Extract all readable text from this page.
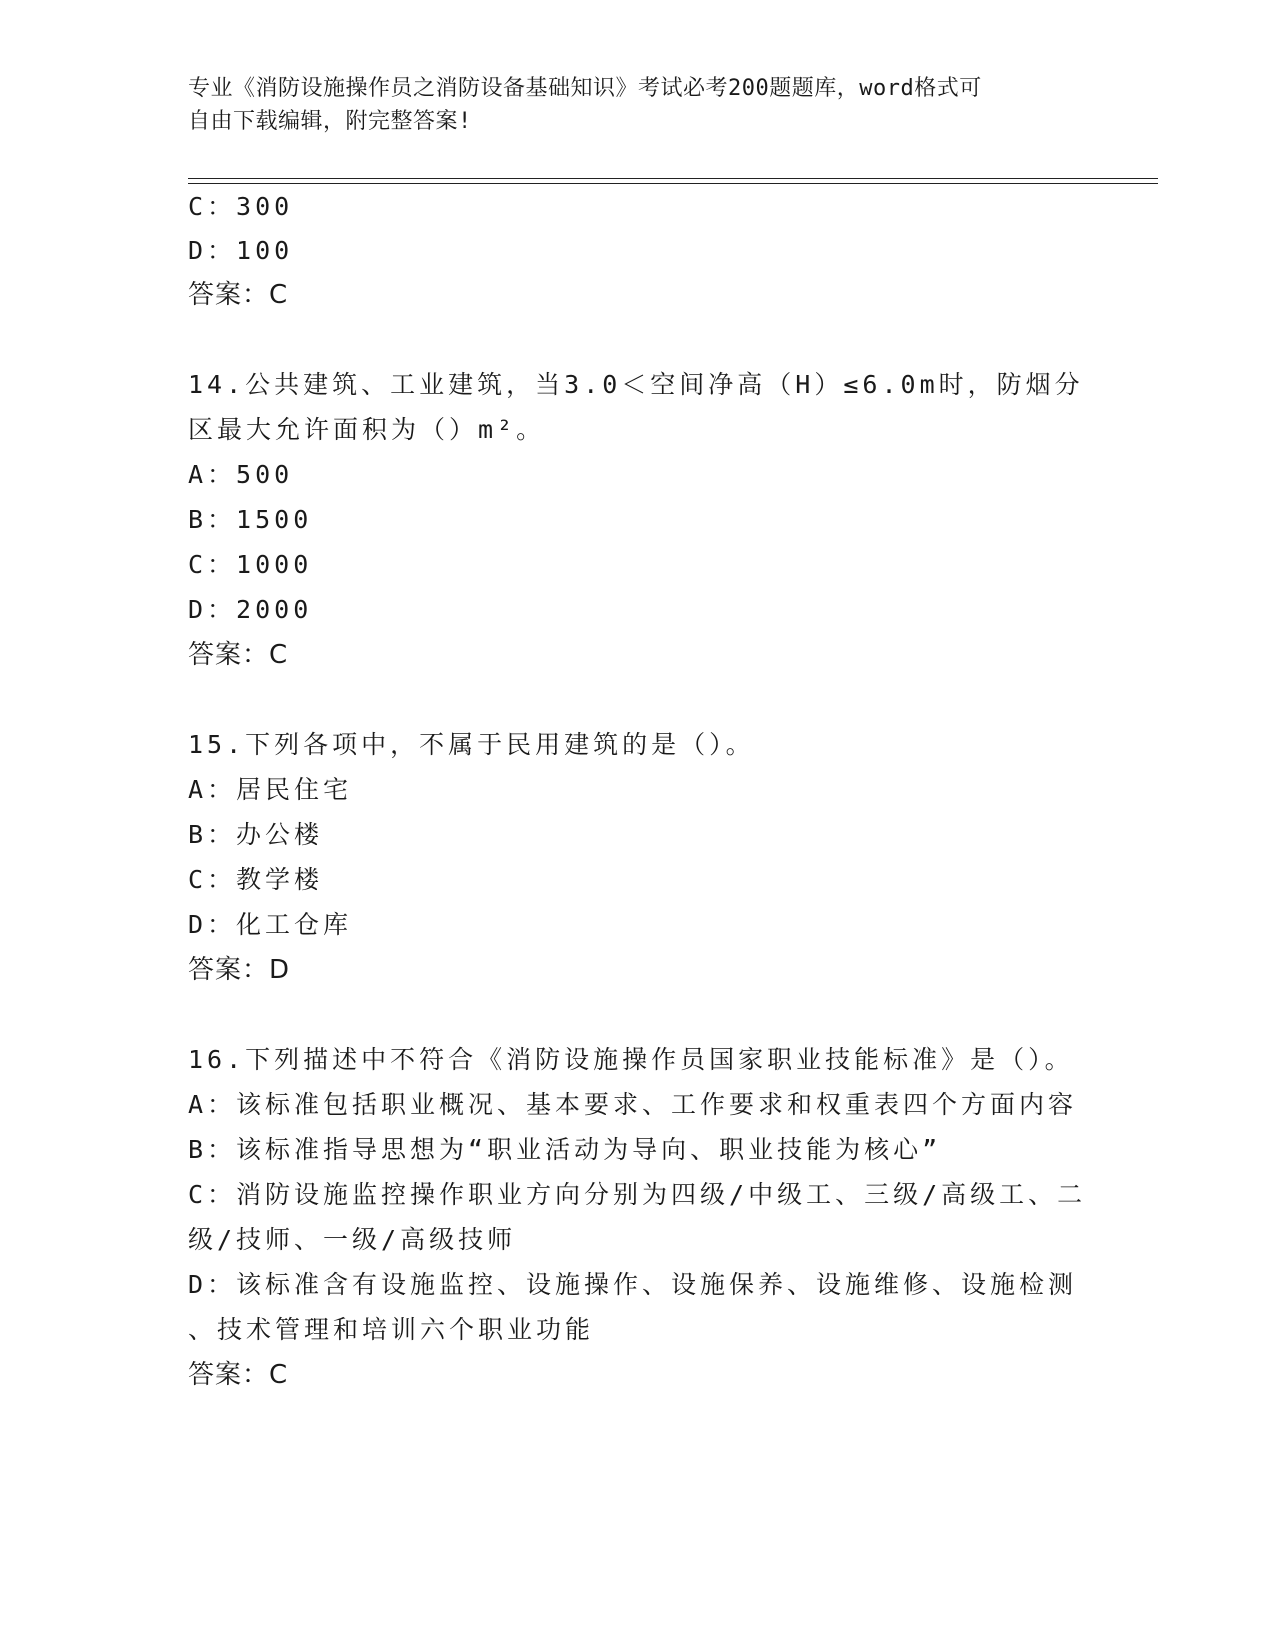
专业《消防设施操作员之消防设备基础知识》考试必考200题题库，word格式可
自由下载编辑，附完整答案!
C：300
D：100
答案：C
14.公共建筑、工业建筑，当3.0＜空间净高（H）≤6.0m时，防烟分
区最大允许面积为（）m²。
A：500
B：1500
C：1000
D：2000
答案：C
15.下列各项中，不属于民用建筑的是（）。
A：居民住宅
B：办公楼
C：教学楼
D：化工仓库
答案：D
16.下列描述中不符合《消防设施操作员国家职业技能标准》是（）。
A：该标准包括职业概况、基本要求、工作要求和权重表四个方面内容
B：该标准指导思想为“职业活动为导向、职业技能为核心”
C：消防设施监控操作职业方向分别为四级/中级工、三级/高级工、二
级/技师、一级/高级技师
D：该标准含有设施监控、设施操作、设施保养、设施维修、设施检测
、技术管理和培训六个职业功能
答案：C
